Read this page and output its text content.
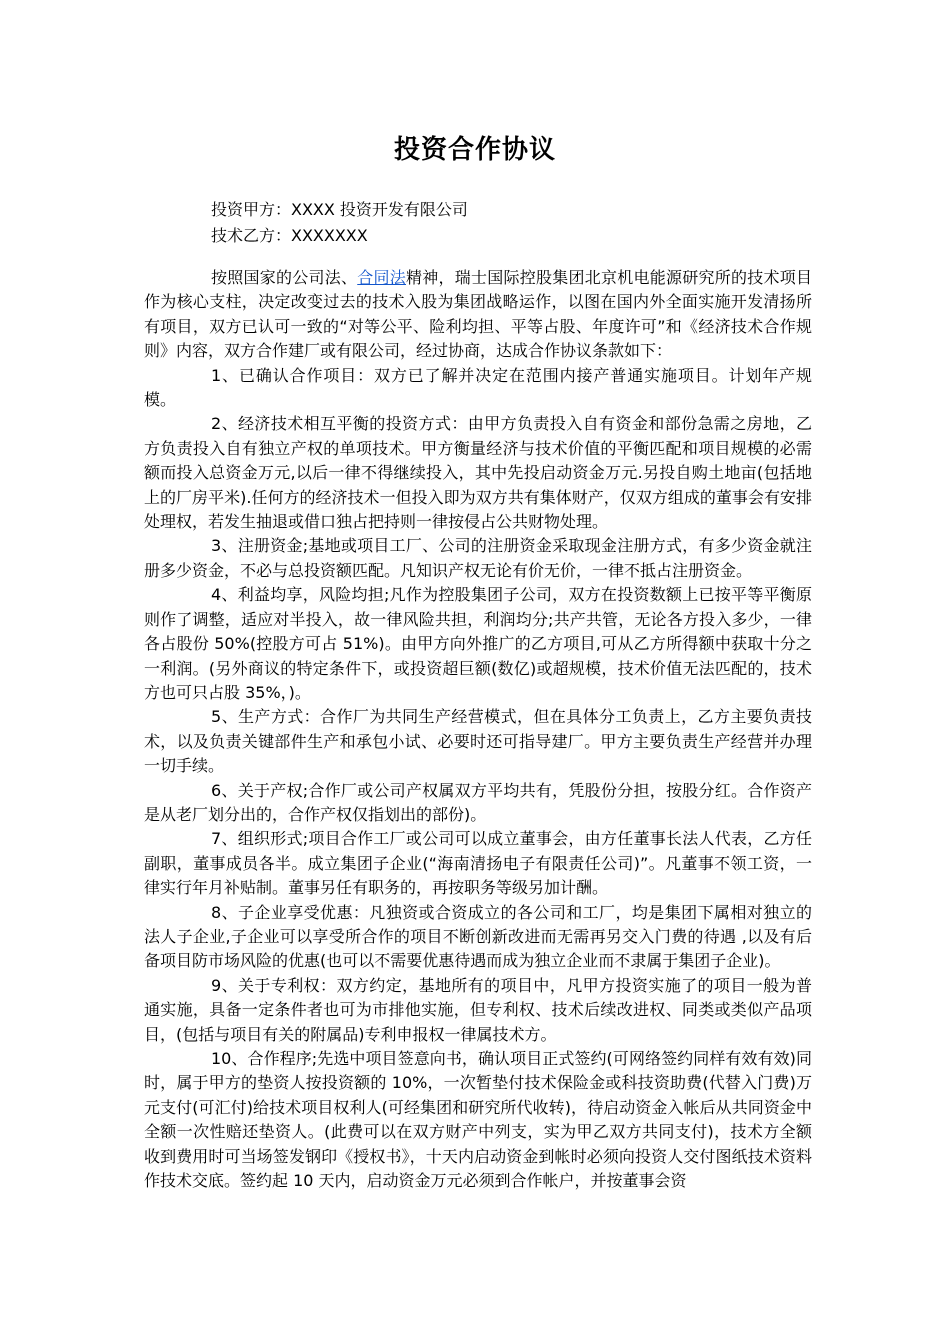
投资合作协议
投资甲方：XXXX 投资开发有限公司
技术乙方：XXXXXXX

按照国家的公司法、合同法精神，瑞士国际控股集团北京机电能源研究所的技术项目作为核心支柱，决定改变过去的技术入股为集团战略运作，以图在国内外全面实施开发清扬所有项目，双方已认可一致的“对等公平、险利均担、平等占股、年度许可”和《经济技术合作规则》内容，双方合作建厂或有限公司，经过协商，达成合作协议条款如下：

1、已确认合作项目：双方已了解并决定在范围内接产普通实施项目。计划年产规模。

2、经济技术相互平衡的投资方式：由甲方负责投入自有资金和部份急需之房地，乙方负责投入自有独立产权的单项技术。甲方衡量经济与技术价值的平衡匹配和项目规模的必需额而投入总资金万元,以后一律不得继续投入，其中先投启动资金万元.另投自购土地亩(包括地上的厂房平米).任何方的经济技术一但投入即为双方共有集体财产，仅双方组成的董事会有安排处理权，若发生抽退或借口独占把持则一律按侵占公共财物处理。

3、注册资金;基地或项目工厂、公司的注册资金采取现金注册方式，有多少资金就注册多少资金，不必与总投资额匹配。凡知识产权无论有价无价，一律不抵占注册资金。

4、利益均享，风险均担;凡作为控股集团子公司，双方在投资数额上已按平等平衡原则作了调整，适应对半投入，故一律风险共担，利润均分;共产共管，无论各方投入多少，一律各占股份 50%(控股方可占 51%)。由甲方向外推广的乙方项目,可从乙方所得额中获取十分之一利润。(另外商议的特定条件下，或投资超巨额(数亿)或超规模，技术价值无法匹配的，技术方也可只占股 35%，)。

5、生产方式：合作厂为共同生产经营模式，但在具体分工负责上，乙方主要负责技术，以及负责关键部件生产和承包小试、必要时还可指导建厂。甲方主要负责生产经营并办理一切手续。

6、关于产权;合作厂或公司产权属双方平均共有，凭股份分担，按股分红。合作资产是从老厂划分出的，合作产权仅指划出的部份)。

7、组织形式;项目合作工厂或公司可以成立董事会，由方任董事长法人代表，乙方任副职，董事成员各半。成立集团子企业(“海南清扬电子有限责任公司)”。凡董事不领工资，一律实行年月补贴制。董事另任有职务的，再按职务等级另加计酬。

8、子企业享受优惠：凡独资或合资成立的各公司和工厂，均是集团下属相对独立的法人子企业,子企业可以享受所合作的项目不断创新改进而无需再另交入门费的待遇 ,以及有后备项目防市场风险的优惠(也可以不需要优惠待遇而成为独立企业而不隶属于集团子企业)。

9、关于专利权：双方约定，基地所有的项目中，凡甲方投资实施了的项目一般为普通实施，具备一定条件者也可为市排他实施，但专利权、技术后续改进权、同类或类似产品项目，(包括与项目有关的附属品)专利申报权一律属技术方。

10、合作程序;先选中项目签意向书，确认项目正式签约(可网络签约同样有效有效)同时，属于甲方的垫资人按投资额的 10%，一次暂垫付技术保险金或科技资助费(代替入门费)万元支付(可汇付)给技术项目权利人(可经集团和研究所代收转)，待启动资金入帐后从共同资金中全额一次性赔还垫资人。(此费可以在双方财产中列支，实为甲乙双方共同支付)，技术方全额收到费用时可当场签发钢印《授权书》，十天内启动资金到帐时必须向投资人交付图纸技术资料作技术交底。签约起 10 天内，启动资金万元必须到合作帐户，并按董事会资
